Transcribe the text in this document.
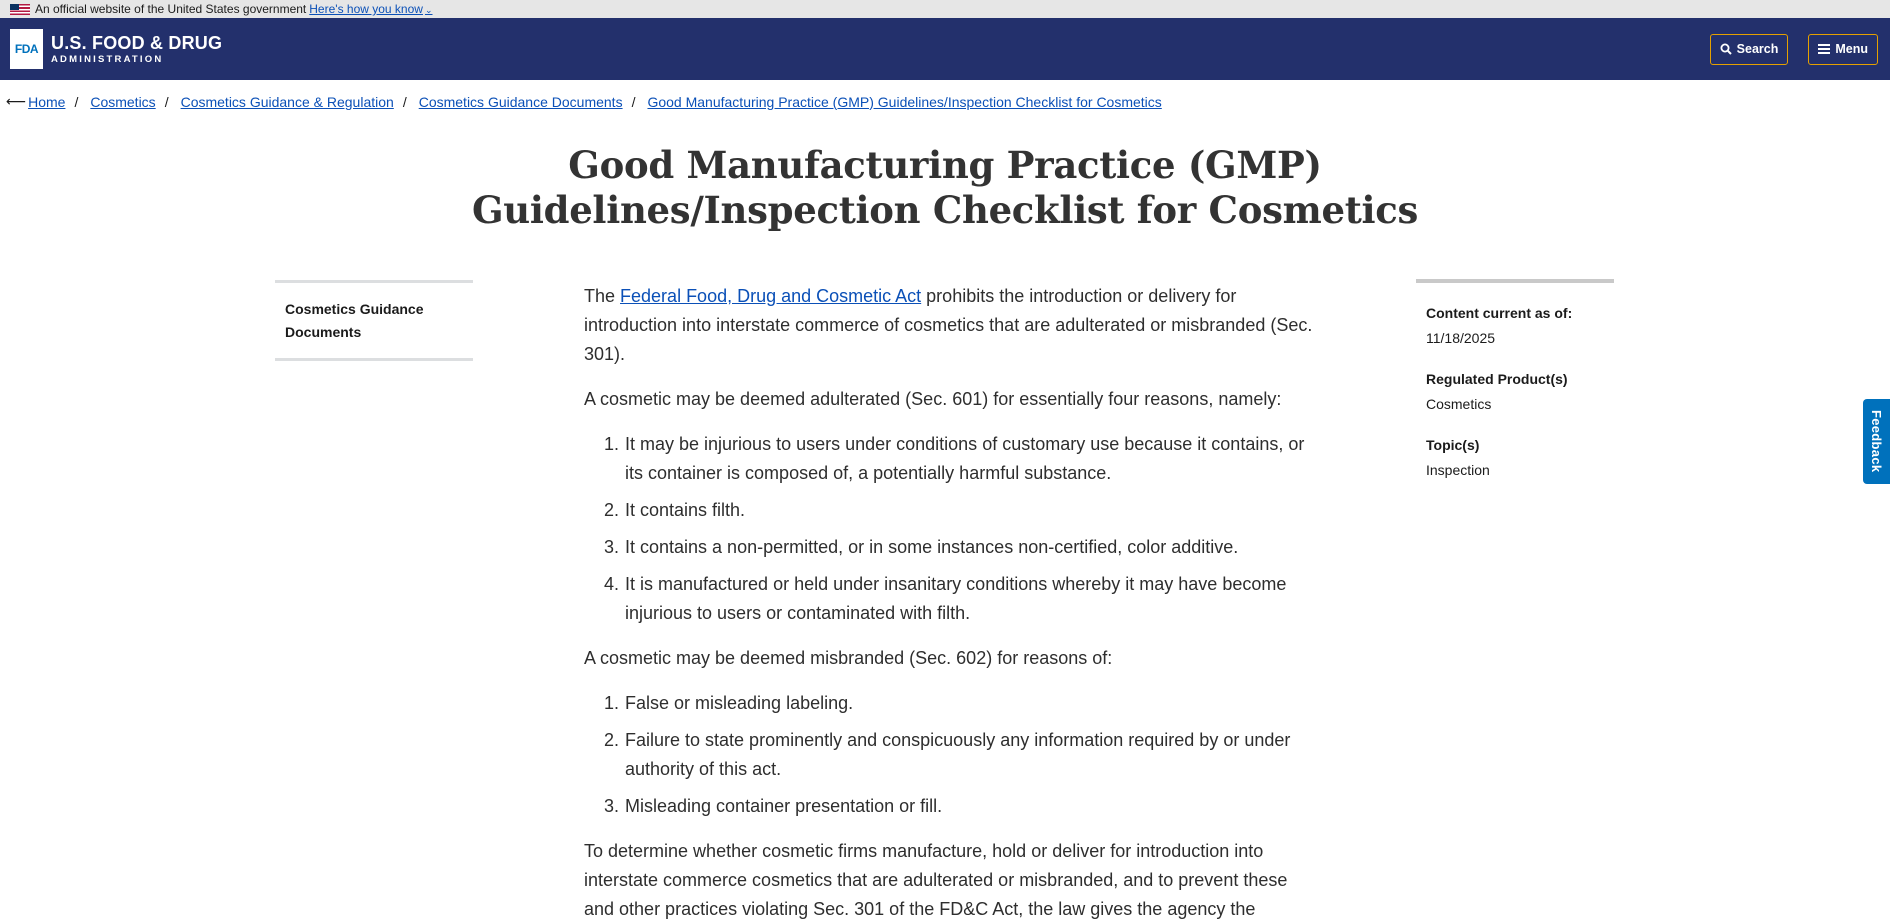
An official website of the United States government Here's how you know ⌄
FDA U.S. FOOD & DRUG
ADMINISTRATION
Search	Menu
⟵ Home / Cosmetics / Cosmetics Guidance & Regulation / Cosmetics Guidance Documents / Good Manufacturing Practice (GMP) Guidelines/Inspection Checklist for Cosmetics
Good Manufacturing Practice (GMP)
Guidelines/Inspection Checklist for Cosmetics
Cosmetics Guidance
Documents

The Federal Food, Drug and Cosmetic Act prohibits the introduction or delivery for introduction into interstate commerce of cosmetics that are adulterated or misbranded (Sec. 301).

A cosmetic may be deemed adulterated (Sec. 601) for essentially four reasons, namely:

1. It may be injurious to users under conditions of customary use because it contains, or its container is composed of, a potentially harmful substance.
2. It contains filth.
3. It contains a non-permitted, or in some instances non-certified, color additive.
4. It is manufactured or held under insanitary conditions whereby it may have become injurious to users or contaminated with filth.

A cosmetic may be deemed misbranded (Sec. 602) for reasons of:

1. False or misleading labeling.
2. Failure to state prominently and conspicuously any information required by or under authority of this act.
3. Misleading container presentation or fill.

To determine whether cosmetic firms manufacture, hold or deliver for introduction into interstate commerce cosmetics that are adulterated or misbranded, and to prevent these and other practices violating Sec. 301 of the FD&C Act, the law gives the agency the

Content current as of:
11/18/2025
Regulated Product(s)
Cosmetics
Topic(s)
Inspection	Feedback
